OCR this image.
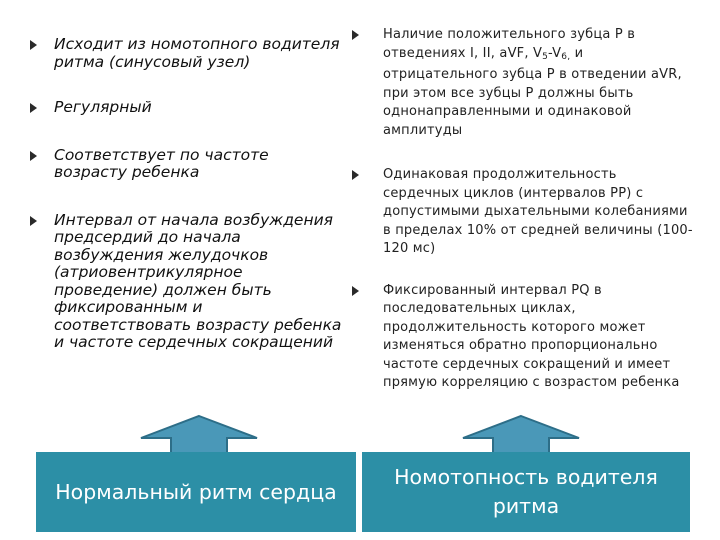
Исходит из номотопного водителя ритма (синусовый узел)
Регулярный
Соответствует по частоте возрасту ребенка
Интервал от начала возбуждения предсердий до начала возбуждения желудочков (атриовентрикулярное проведение) должен быть фиксированным и соответствовать возрасту ребенка и частоте сердечных сокращений
Наличие положительного зубца P в отведениях I, II, aVF, $V_5-V_{6,}$ и отрицательного зубца P в отведении aVR, при этом все зубцы P должны быть однонаправленными и одинаковой амплитуды
Одинаковая продолжительность сердечных циклов (интервалов PP) с допустимыми дыхательными колебаниями в пределах 10% от средней величины (100-120 мс)
Фиксированный интервал PQ в последовательных циклах, продолжительность которого может изменяться обратно пропорционально частоте сердечных сокращений и имеет прямую корреляцию с возрастом ребенка
Нормальный ритм сердца
Номотопность водителя ритма
